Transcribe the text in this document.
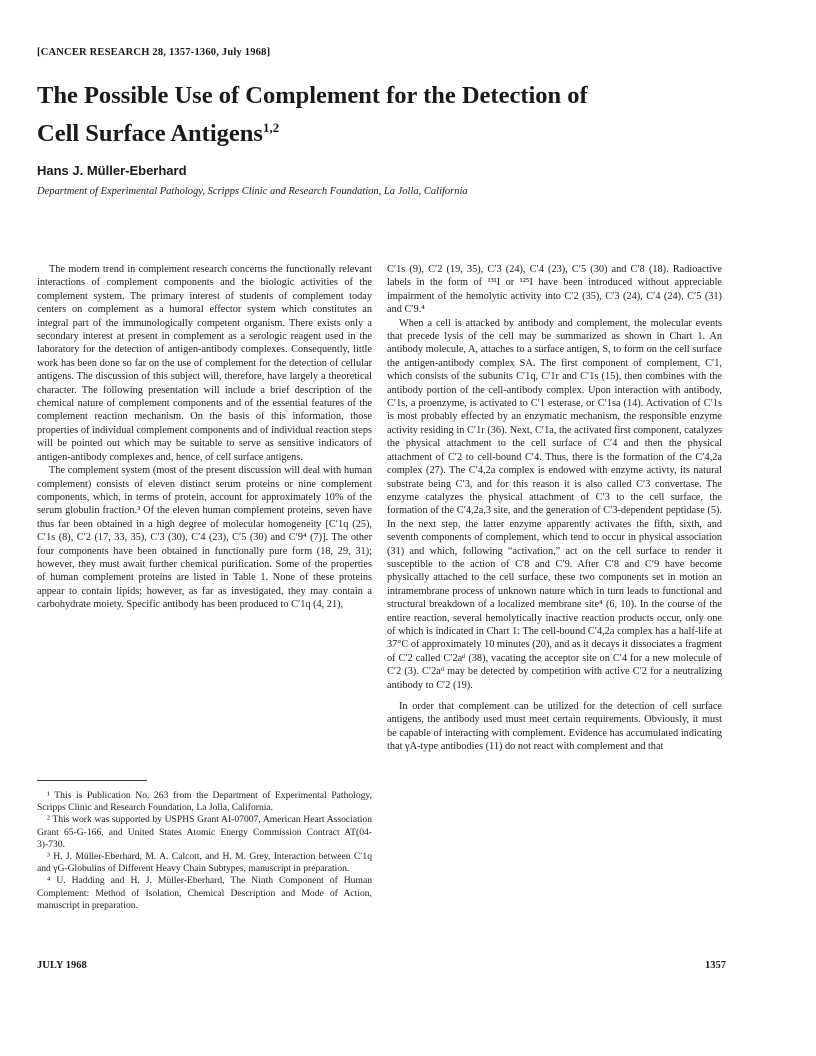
[CANCER RESEARCH 28, 1357-1360, July 1968]
The Possible Use of Complement for the Detection of
Cell Surface Antigens$^{1,2}$
Hans J. Müller-Eberhard
Department of Experimental Pathology, Scripps Clinic and Research Foundation, La Jolla, California

The modern trend in complement research concerns the functionally relevant interactions of complement components and the biologic activities of the complement system. The primary interest of students of complement today centers on complement as a humoral effector system which constitutes an integral part of the immunologically competent organism. There exists only a secondary interest at present in complement as a serologic reagent used in the laboratory for the detection of antigen-antibody complexes. Consequently, little work has been done so far on the use of complement for the detection of cellular antigens. The discussion of this subject will, therefore, have largely a theoretical character. The following presentation will include a brief description of the chemical nature of complement components and of the essential features of the complement reaction mechanism. On the basis of this information, those properties of individual complement components and of individual reaction steps will be pointed out which may be suitable to serve as sensitive indicators of antigen-antibody complexes and, hence, of cell surface antigens.

The complement system (most of the present discussion will deal with human complement) consists of eleven distinct serum proteins or nine complement components, which, in terms of protein, account for approximately 10% of the serum globulin fraction.³ Of the eleven human complement proteins, seven have thus far been obtained in a high degree of molecular homogeneity [C′1q (25), C′1s (8), C′2 (17, 33, 35), C′3 (30), C′4 (23), C′5 (30) and C′9⁴ (7)]. The other four components have been obtained in functionally pure form (18, 29, 31); however, they must await further chemical purification. Some of the properties of human complement proteins are listed in Table 1. None of these proteins appear to contain lipids; however, as far as investigated, they may contain a carbohydrate moiety. Specific antibody has been produced to C′1q (4, 21),

C′1s (9), C′2 (19, 35), C′3 (24), C′4 (23), C′5 (30) and C′8 (18). Radioactive labels in the form of ¹³¹I or ¹²⁵I have been introduced without appreciable impairment of the hemolytic activity into C′2 (35), C′3 (24), C′4 (24), C′5 (31) and C′9.⁴

When a cell is attacked by antibody and complement, the molecular events that precede lysis of the cell may be summarized as shown in Chart 1. An antibody molecule, A, attaches to a surface antigen, S, to form on the cell surface the antigen-antibody complex SA. The first component of complement, C′1, which consists of the subunits C′1q, C′1r and C′1s (15), then combines with the antibody portion of the cell-antibody complex. Upon interaction with antibody, C′1s, a proenzyme, is activated to C′1 esterase, or C′1sa (14). Activation of C′1s is most probably effected by an enzymatic mechanism, the responsible enzyme activity residing in C′1r (36). Next, C′1a, the activated first component, catalyzes the physical attachment to the cell surface of C′4 and then the physical attachment of C′2 to cell-bound C′4. Thus, there is the formation of the C′4,2a complex (27). The C′4,2a complex is endowed with enzyme activty, its natural substrate being C′3, and for this reason it is also called C′3 convertase. The enzyme catalyzes the physical attachment of C′3 to the cell surface, the formation of the C′4,2a,3 site, and the generation of C′3-dependent peptidase (5). In the next step, the latter enzyme apparently activates the fifth, sixth, and seventh components of complement, which tend to occur in physical association (31) and which, following “activation,” act on the cell surface to render it susceptible to the action of C′8 and C′9. After C′8 and C′9 have become physically attached to the cell surface, these two components set in motion an intramembrane process of unknown nature which in turn leads to functional and structural breakdown of a localized membrane site⁴ (6, 10). In the course of the entire reaction, several hemolytically inactive reaction products occur, only one of which is indicated in Chart 1: The cell-bound C′4,2a complex has a half-life at 37°C of approximately 10 minutes (20), and as it decays it dissociates a fragment of C′2 called C′2aᵈ (38), vacating the acceptor site on C′4 for a new molecule of C′2 (3). C′2aᵈ may be detected by competition with active C′2 for a neutralizing antibody to C′2 (19).

In order that complement can be utilized for the detection of cell surface antigens, the antibody used must meet certain requirements. Obviously, it must be capable of interacting with complement. Evidence has accumulated indicating that γA-type antibodies (11) do not react with complement and that

¹ This is Publication No. 263 from the Department of Experimental Pathology, Scripps Clinic and Research Foundation, La Jolla, California.

² This work was supported by USPHS Grant AI-07007, American Heart Association Grant 65-G-166, and United States Atomic Energy Commission Contract AT(04-3)-730.

³ H. J. Müller-Eberhard, M. A. Calcott, and H. M. Grey, Interaction between C′1q and γG-Globulins of Different Heavy Chain Subtypes, manuscript in preparation.

⁴ U. Hadding and H. J. Müller-Eberhard, The Ninth Component of Human Complement: Method of Isolation, Chemical Description and Mode of Action, manuscript in preparation.

JULY 1968	1357
